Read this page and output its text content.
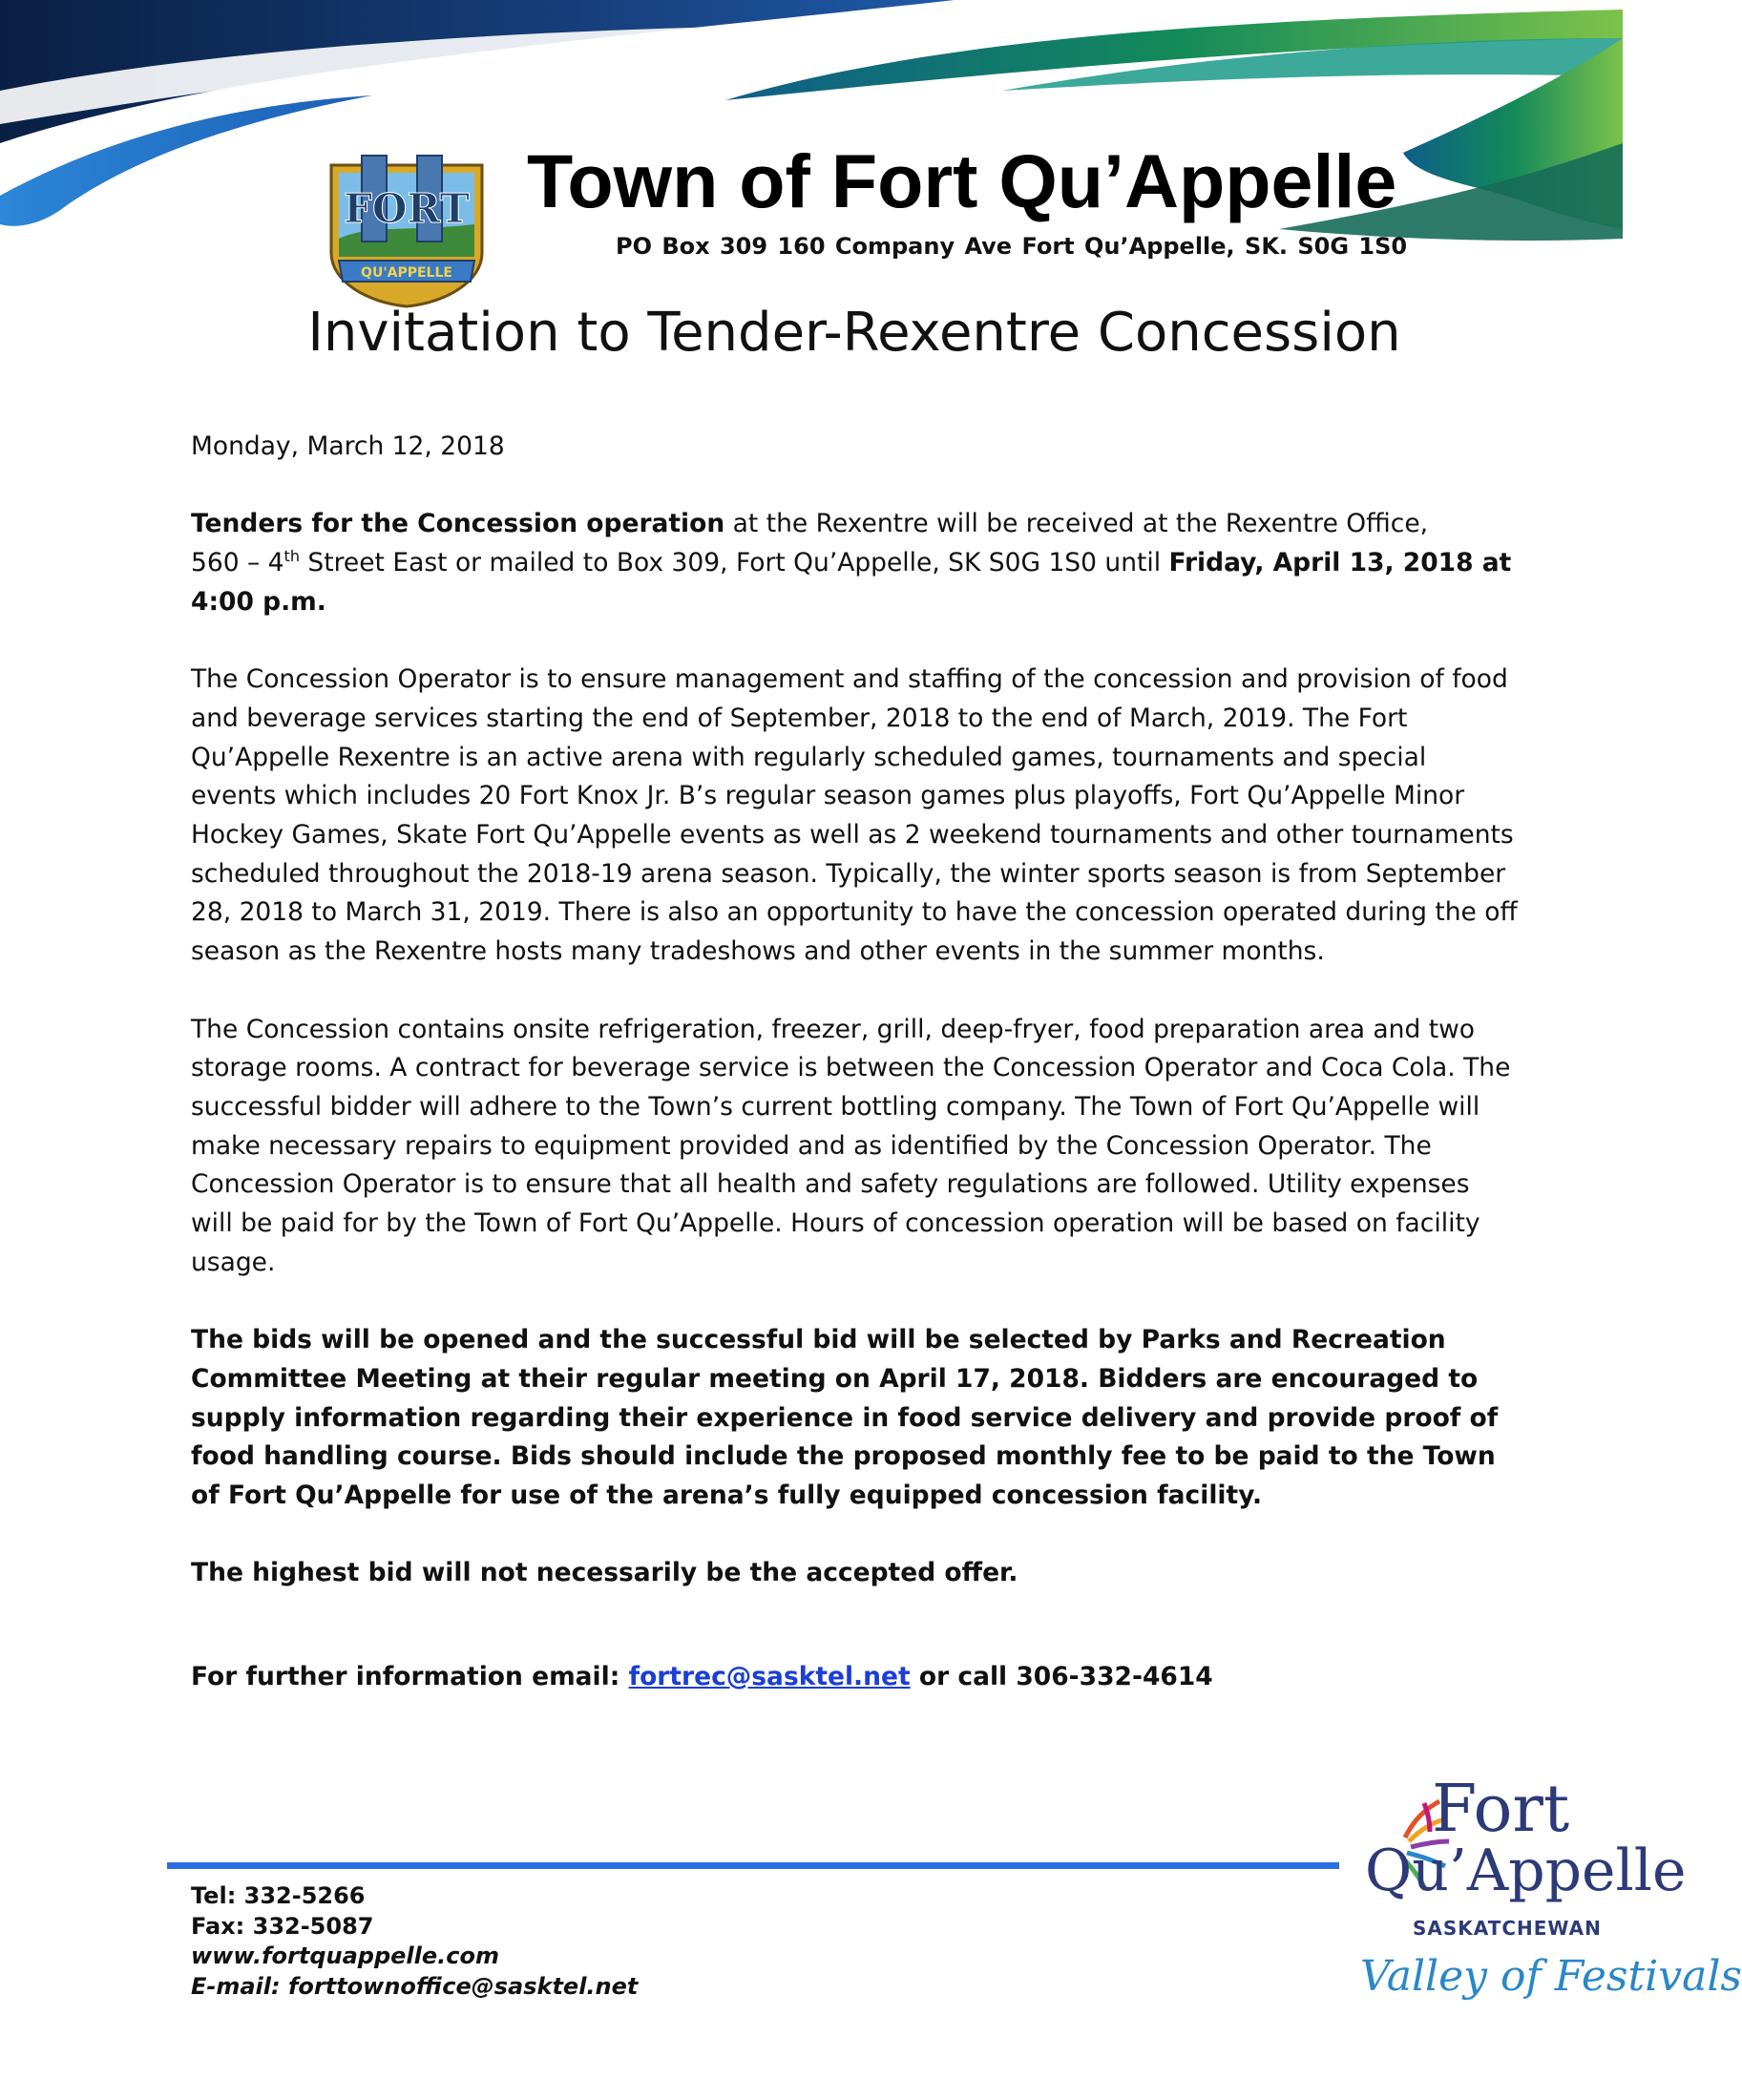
FORT
QU'APPELLE
Town of Fort Qu’Appelle
PO Box 309 160 Company Ave Fort Qu’Appelle, SK. S0G 1S0
Invitation to Tender-Rexentre Concession

Monday, March 12, 2018

Tenders for the Concession operation at the Rexentre will be received at the Rexentre Office,
560 – 4th Street East or mailed to Box 309, Fort Qu’Appelle, SK S0G 1S0 until Friday, April 13, 2018 at 4:00 p.m.

The Concession Operator is to ensure management and staffing of the concession and provision of food and beverage services starting the end of September, 2018 to the end of March, 2019. The Fort Qu’Appelle Rexentre is an active arena with regularly scheduled games, tournaments and special events which includes 20 Fort Knox Jr. B’s regular season games plus playoffs, Fort Qu’Appelle Minor Hockey Games, Skate Fort Qu’Appelle events as well as 2 weekend tournaments and other tournaments scheduled throughout the 2018-19 arena season. Typically, the winter sports season is from September 28, 2018 to March 31, 2019. There is also an opportunity to have the concession operated during the off season as the Rexentre hosts many tradeshows and other events in the summer months.

The Concession contains onsite refrigeration, freezer, grill, deep-fryer, food preparation area and two storage rooms. A contract for beverage service is between the Concession Operator and Coca Cola. The successful bidder will adhere to the Town’s current bottling company. The Town of Fort Qu’Appelle will make necessary repairs to equipment provided and as identified by the Concession Operator. The Concession Operator is to ensure that all health and safety regulations are followed. Utility expenses will be paid for by the Town of Fort Qu’Appelle. Hours of concession operation will be based on facility usage.

The bids will be opened and the successful bid will be selected by Parks and Recreation Committee Meeting at their regular meeting on April 17, 2018. Bidders are encouraged to supply information regarding their experience in food service delivery and provide proof of food handling course. Bids should include the proposed monthly fee to be paid to the Town of Fort Qu’Appelle for use of the arena’s fully equipped concession facility.

The highest bid will not necessarily be the accepted offer.

For further information email: fortrec@sasktel.net or call 306-332-4614

Tel: 332-5266
Fax: 332-5087
www.fortquappelle.com
E-mail: forttownoffice@sasktel.net
Fort
Qu’Appelle
SASKATCHEWAN
Valley of Festivals
